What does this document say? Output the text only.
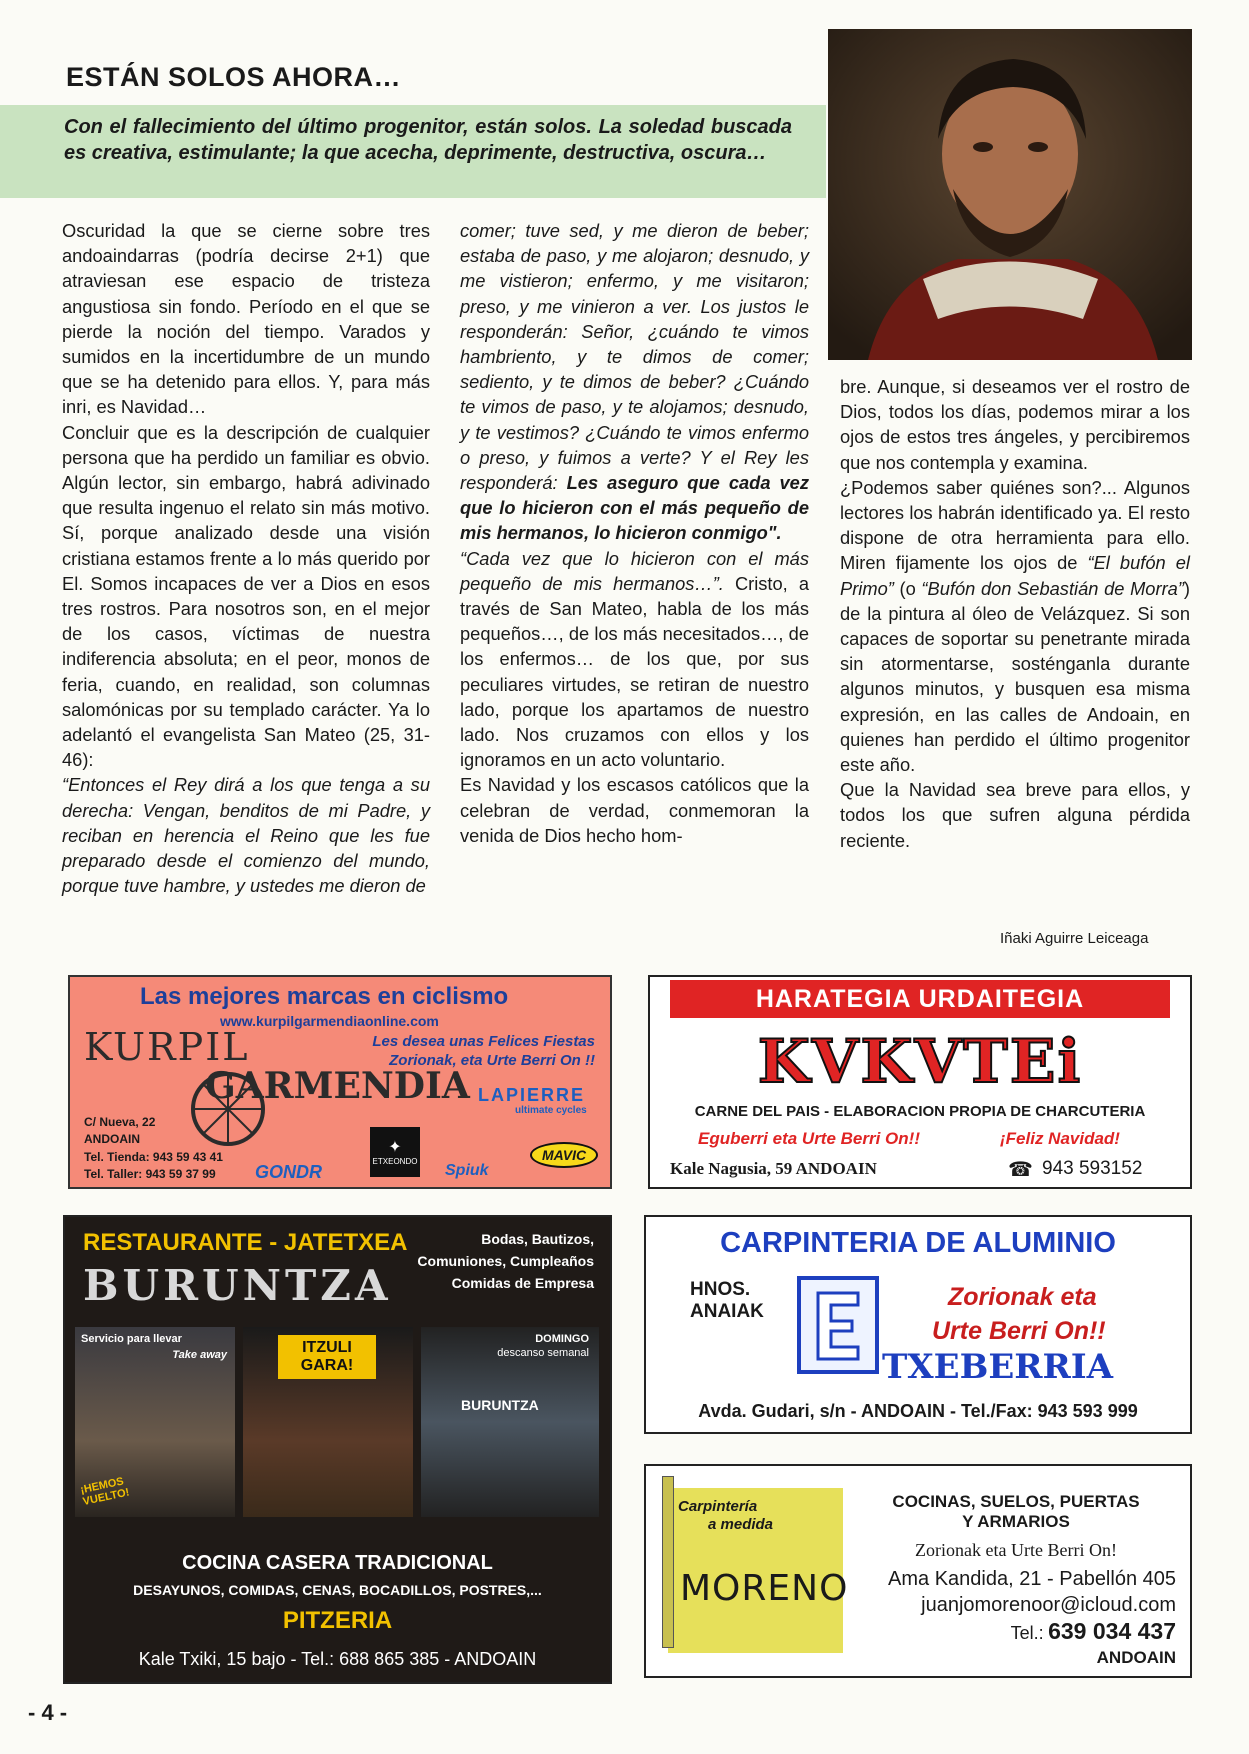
ESTÁN SOLOS AHORA…

Con el fallecimiento del último progenitor, están solos. La soledad buscada es creativa, estimulante; la que acecha, deprimente, destructiva, oscura…

Oscuridad la que se cierne sobre tres andoaindarras (podría decirse 2+1) que atraviesan ese espacio de tristeza angustiosa sin fondo. Período en el que se pierde la noción del tiempo. Varados y sumidos en la incertidumbre de un mundo que se ha detenido para ellos. Y, para más inri, es Navidad…

Concluir que es la descripción de cualquier persona que ha perdido un familiar es obvio. Algún lector, sin embargo, habrá adivinado que resulta ingenuo el relato sin más motivo. Sí, porque analizado desde una visión cristiana estamos frente a lo más querido por El. Somos incapaces de ver a Dios en esos tres rostros. Para nosotros son, en el mejor de los casos, víctimas de nuestra indiferencia absoluta; en el peor, monos de feria, cuando, en realidad, son columnas salomónicas por su templado carácter. Ya lo adelantó el evangelista San Mateo (25, 31-46):

“Entonces el Rey dirá a los que tenga a su derecha: Vengan, benditos de mi Padre, y reciban en herencia el Reino que les fue preparado desde el comienzo del mundo, porque tuve hambre, y ustedes me dieron de

comer; tuve sed, y me dieron de beber; estaba de paso, y me alojaron; desnudo, y me vistieron; enfermo, y me visitaron; preso, y me vinieron a ver. Los justos le responderán: Señor, ¿cuándo te vimos hambriento, y te dimos de comer; sediento, y te dimos de beber? ¿Cuándo te vimos de paso, y te alojamos; desnudo, y te vestimos? ¿Cuándo te vimos enfermo o preso, y fuimos a verte? Y el Rey les responderá: Les aseguro que cada vez que lo hicieron con el más pequeño de mis hermanos, lo hicieron conmigo".

“Cada vez que lo hicieron con el más pequeño de mis hermanos…”. Cristo, a través de San Mateo, habla de los más pequeños…, de los más necesitados…, de los enfermos… de los que, por sus peculiares virtudes, se retiran de nuestro lado, porque los apartamos de nuestro lado. Nos cruzamos con ellos y los ignoramos en un acto voluntario.

Es Navidad y los escasos católicos que la celebran de verdad, conmemoran la venida de Dios hecho hom-

bre. Aunque, si deseamos ver el rostro de Dios, todos los días, podemos mirar a los ojos de estos tres ángeles, y percibiremos que nos contempla y examina.

¿Podemos saber quiénes son?... Algunos lectores los habrán identificado ya. El resto dispone de otra herramienta para ello. Miren fijamente los ojos de “El bufón el Primo” (o “Bufón don Sebastián de Morra”) de la pintura al óleo de Velázquez. Si son capaces de soportar su penetrante mirada sin atormentarse, sosténganla durante algunos minutos, y busquen esa misma expresión, en las calles de Andoain, en quienes han perdido el último progenitor este año.

Que la Navidad sea breve para ellos, y todos los que sufren alguna pérdida reciente.

Iñaki Aguirre Leiceaga
Las mejores marcas en ciclismo
www.kurpilgarmendiaonline.com
Les desea unas Felices Fiestas
Zorionak, eta Urte Berri On !!
KURPIL
GARMENDIA
C/ Nueva, 22
ANDOAIN
Tel. Tienda: 943 59 43 41
Tel. Taller: 943 59 37 99
LAPIERRE
ultimate cycles
GONDR
✦
ETXEONDO
Spiuk
MAVIC
HARATEGIA URDAITEGIA
KVKVTEi
CARNE DEL PAIS - ELABORACION PROPIA DE CHARCUTERIA
Eguberri eta Urte Berri On!!	¡Feliz Navidad!
Kale Nagusia, 59 ANDOAIN	☎ 943 593152
RESTAURANTE - JATETXEA
BURUNTZA
Bodas, Bautizos,
Comuniones, Cumpleaños
Comidas de Empresa
Servicio para llevar
Take away
¡HEMOS VUELTO!
ITZULI GARA!
DOMINGO
descanso semanal
BURUNTZA
COCINA CASERA TRADICIONAL
DESAYUNOS, COMIDAS, CENAS, BOCADILLOS, POSTRES,...
PITZERIA
Kale Txiki, 15 bajo - Tel.: 688 865 385 - ANDOAIN
CARPINTERIA DE ALUMINIO
HNOS.
ANAIAK
Zorionak eta
Urte Berri On!!
TXEBERRIA
Avda. Gudari, s/n - ANDOAIN - Tel./Fax: 943 593 999
Carpintería
a medida
MORENO
COCINAS, SUELOS, PUERTAS
Y ARMARIOS
Zorionak eta Urte Berri On!
Ama Kandida, 21 - Pabellón 405
juanjomorenoor@icloud.com
Tel.: 639 034 437
ANDOAIN
- 4 -
